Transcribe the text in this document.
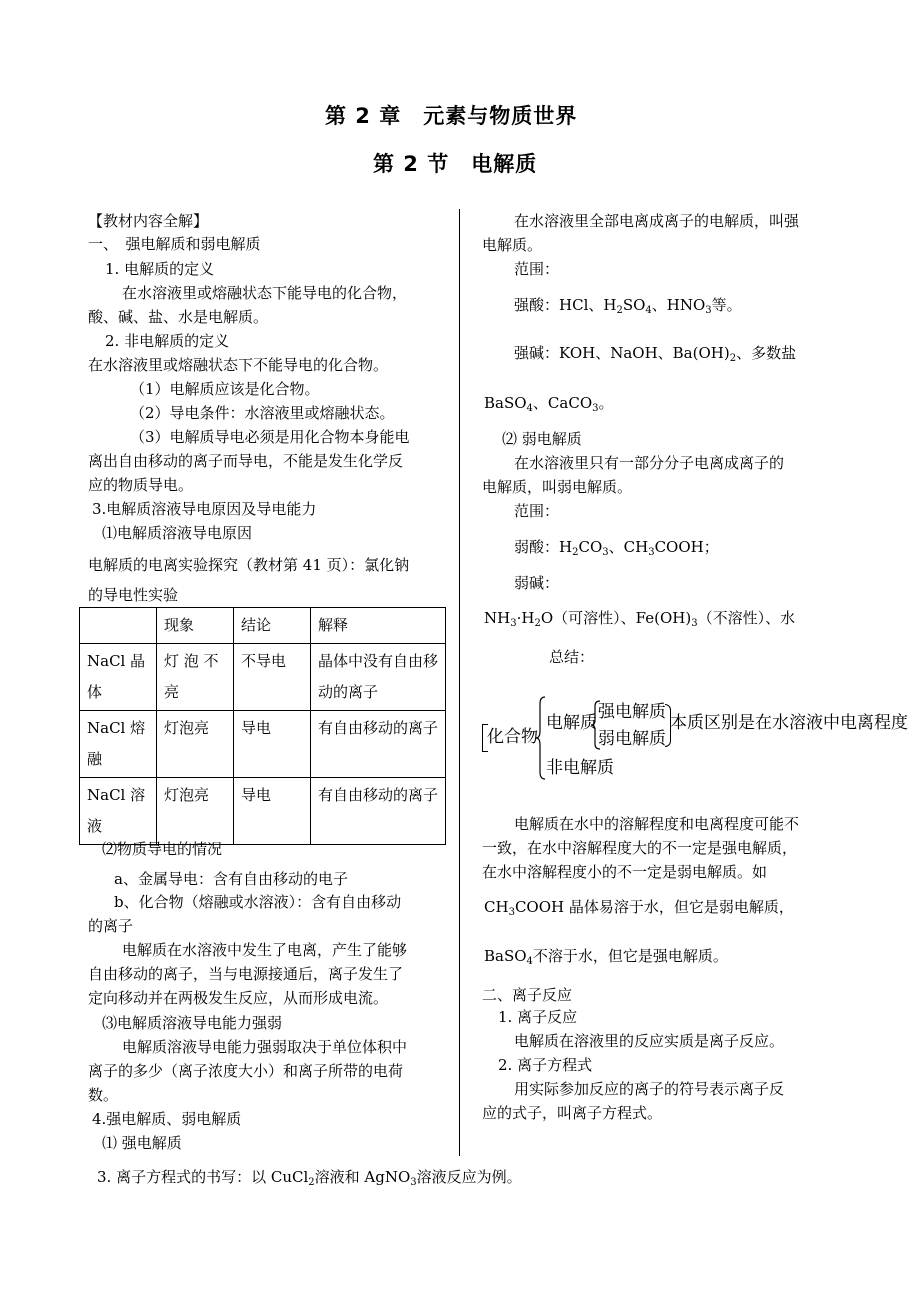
第 2 章　元素与物质世界
第 2 节　电解质
【教材内容全解】
一、　强电解质和弱电解质
1. 电解质的定义
在水溶液里或熔融状态下能导电的化合物，
酸、碱、盐、水是电解质。
2. 非电解质的定义
在水溶液里或熔融状态下不能导电的化合物。
（1）电解质应该是化合物。
（2）导电条件：水溶液里或熔融状态。
（3）电解质导电必须是用化合物本身能电
离出自由移动的离子而导电，不能是发生化学反
应的物质导电。
3.电解质溶液导电原因及导电能力
⑴电解质溶液导电原因
电解质的电离实验探究（教材第 41 页）：氯化钠
的导电性实验
	现象	结论	解释
NaCl 晶体	灯 泡 不亮	不导电	晶体中没有自由移动的离子
NaCl 熔融	灯泡亮	导电	有自由移动的离子
NaCl 溶液	灯泡亮	导电	有自由移动的离子
⑵物质导电的情况
a、金属导电：含有自由移动的电子
b、化合物（熔融或水溶液）：含有自由移动
的离子
电解质在水溶液中发生了电离，产生了能够
自由移动的离子，当与电源接通后，离子发生了
定向移动并在两极发生反应，从而形成电流。
⑶电解质溶液导电能力强弱
电解质溶液导电能力强弱取决于单位体积中
离子的多少（离子浓度大小）和离子所带的电荷
数。
4.强电解质、弱电解质
⑴ 强电解质
在水溶液里全部电离成离子的电解质，叫强
电解质。
范围：
强酸：HCl、$H_2SO_4$、$HNO_3$等。
强碱：KOH、NaOH、$Ba(OH)_2$、多数盐
BaSO$_4$、CaCO$_3$。
⑵ 弱电解质
在水溶液里只有一部分分子电离成离子的
电解质，叫弱电解质。
范围：
弱酸：$H_2CO_3$、$CH_3COOH$；
弱碱：
$NH_3\cdot H_2O$（可溶性）、$Fe(OH)_3$（不溶性）、水
总结：
化合物
电解质
非电解质
强电解质
弱电解质
本质区别是在水溶液中电离程度
电解质在水中的溶解程度和电离程度可能不
一致，在水中溶解程度大的不一定是强电解质，
在水中溶解程度小的不一定是弱电解质。如
$CH_3COOH$ 晶体易溶于水，但它是弱电解质，
BaSO$_4$不溶于水，但它是强电解质。
二、离子反应
1. 离子反应
电解质在溶液里的反应实质是离子反应。
2. 离子方程式
用实际参加反应的离子的符号表示离子反
应的式子，叫离子方程式。
3. 离子方程式的书写：以 CuCl$_2$溶液和 AgNO$_3$溶液反应为例。
